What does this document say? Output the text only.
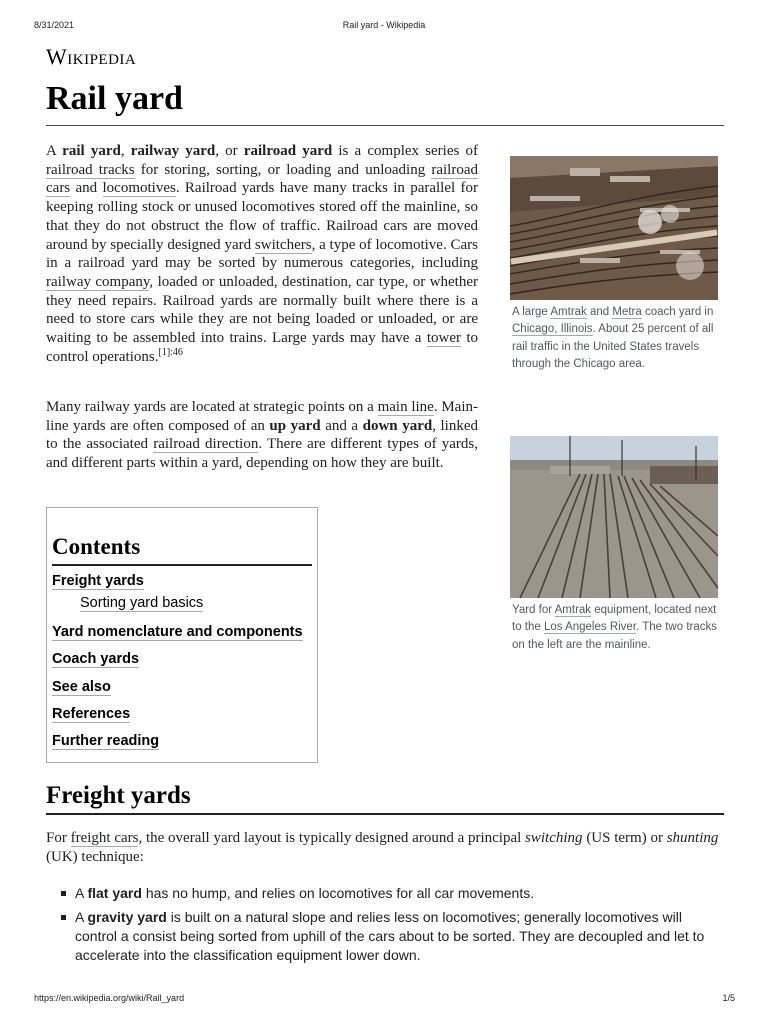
8/31/2021	Rail yard - Wikipedia
Wikipedia
Rail yard

A rail yard, railway yard, or railroad yard is a complex series of railroad tracks for storing, sorting, or loading and unloading railroad cars and locomotives. Railroad yards have many tracks in parallel for keeping rolling stock or unused locomotives stored off the mainline, so that they do not obstruct the flow of traffic. Railroad cars are moved around by specially designed yard switchers, a type of locomotive. Cars in a railroad yard may be sorted by numerous categories, including railway company, loaded or unloaded, destination, car type, or whether they need repairs. Railroad yards are normally built where there is a need to store cars while they are not being loaded or unloaded, or are waiting to be assembled into trains. Large yards may have a tower to control operations.$^{[1]:46}$

Many railway yards are located at strategic points on a main line. Main-line yards are often composed of an up yard and a down yard, linked to the associated railroad direction. There are different types of yards, and different parts within a yard, depending on how they are built.

A large Amtrak and Metra coach yard in Chicago, Illinois. About 25 percent of all rail traffic in the United States travels through the Chicago area.
Yard for Amtrak equipment, located next to the Los Angeles River. The two tracks on the left are the mainline.
Contents
Freight yards
Sorting yard basics
Yard nomenclature and components
Coach yards
See also
References
Further reading
Freight yards

For freight cars, the overall yard layout is typically designed around a principal switching (US term) or shunting (UK) technique:

A flat yard has no hump, and relies on locomotives for all car movements.
A gravity yard is built on a natural slope and relies less on locomotives; generally locomotives will control a consist being sorted from uphill of the cars about to be sorted. They are decoupled and let to accelerate into the classification equipment lower down.
https://en.wikipedia.org/wiki/Rail_yard	1/5
